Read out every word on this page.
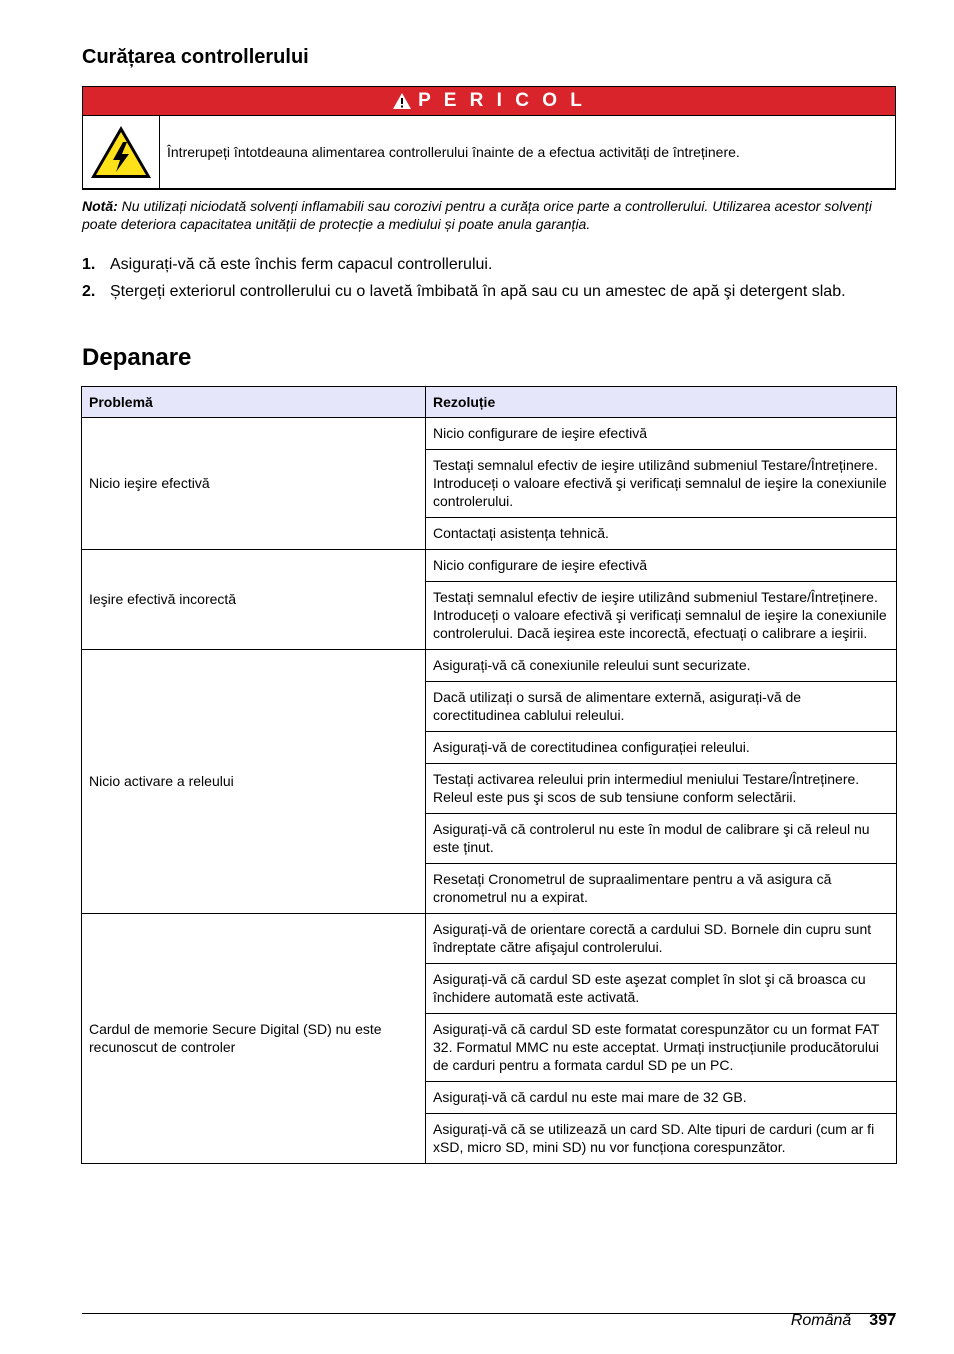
Curățarea controllerului
P E R I C O L
Întrerupeți întotdeauna alimentarea controllerului înainte de a efectua activități de întreținere.
Notă: Nu utilizați niciodată solvenți inflamabili sau corozivi pentru a curăța orice parte a controllerului. Utilizarea acestor solvenți poate deteriora capacitatea unității de protecție a mediului și poate anula garanția.
1. Asigurați-vă că este închis ferm capacul controllerului.
2. Ștergeți exteriorul controllerului cu o lavetă îmbibată în apă sau cu un amestec de apă şi detergent slab.
Depanare
Problemă	Rezoluție
Nicio ieşire efectivă	Nicio configurare de ieşire efectivă
	Testați semnalul efectiv de ieşire utilizând submeniul Testare/Întreținere. Introduceți o valoare efectivă şi verificați semnalul de ieşire la conexiunile controlerului.
	Contactați asistența tehnică.
Ieşire efectivă incorectă	Nicio configurare de ieşire efectivă
	Testați semnalul efectiv de ieşire utilizând submeniul Testare/Întreținere. Introduceți o valoare efectivă şi verificați semnalul de ieşire la conexiunile controlerului. Dacă ieşirea este incorectă, efectuați o calibrare a ieşirii.
Nicio activare a releului	Asigurați-vă că conexiunile releului sunt securizate.
	Dacă utilizați o sursă de alimentare externă, asigurați-vă de corectitudinea cablului releului.
	Asigurați-vă de corectitudinea configurației releului.
	Testați activarea releului prin intermediul meniului Testare/Întreținere. Releul este pus şi scos de sub tensiune conform selectării.
	Asigurați-vă că controlerul nu este în modul de calibrare şi că releul nu este ținut.
	Resetați Cronometrul de supraalimentare pentru a vă asigura că cronometrul nu a expirat.
Cardul de memorie Secure Digital (SD) nu este recunoscut de controler	Asigurați-vă de orientare corectă a cardului SD. Bornele din cupru sunt îndreptate către afişajul controlerului.
	Asigurați-vă că cardul SD este aşezat complet în slot şi că broasca cu închidere automată este activată.
	Asigurați-vă că cardul SD este formatat corespunzător cu un format FAT 32. Formatul MMC nu este acceptat. Urmați instrucțiunile producătorului de carduri pentru a formata cardul SD pe un PC.
	Asigurați-vă că cardul nu este mai mare de 32 GB.
	Asigurați-vă că se utilizează un card SD. Alte tipuri de carduri (cum ar fi xSD, micro SD, mini SD) nu vor funcționa corespunzător.
Română 397
